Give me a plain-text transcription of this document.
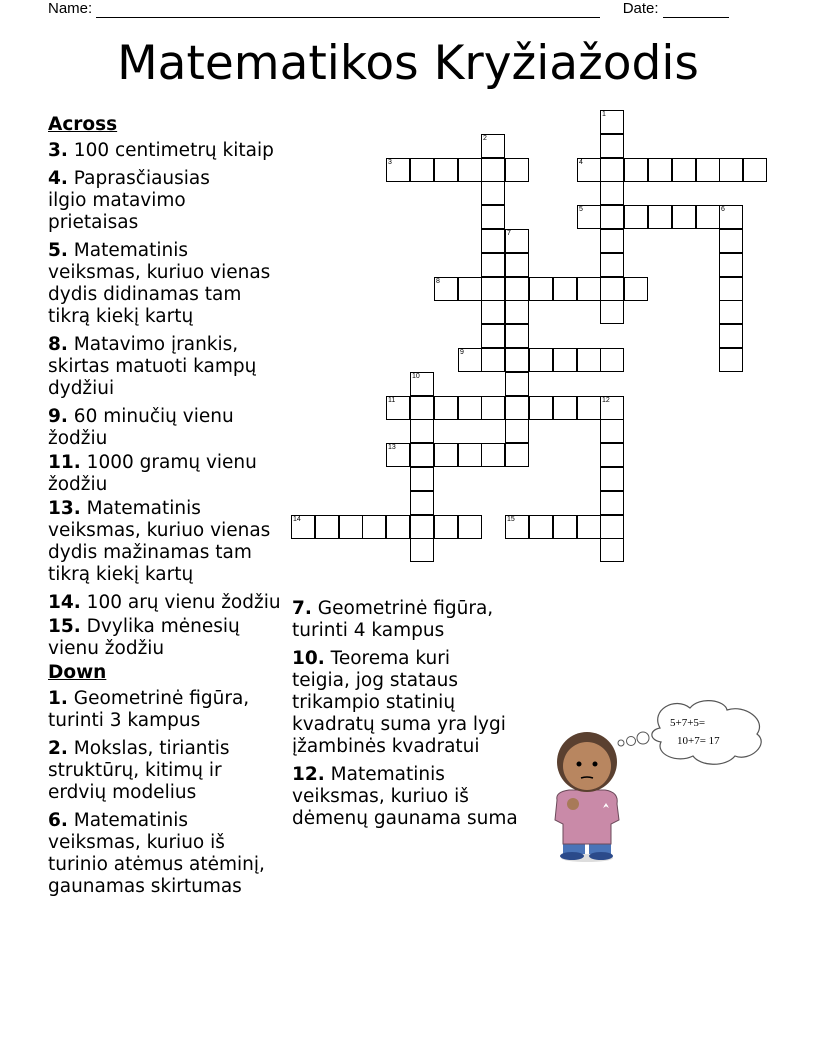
Name:	Date:
Matematikos Kryžiažodis
1
2
3	4
5	6
7
8
9
10
11	12
13
14	15
Across
3. 100 centimetrų kitaip
4. Paprasčiausias ilgio matavimo prietaisas
5. Matematinis veiksmas, kuriuo vienas dydis didinamas tam tikrą kiekį kartų
8. Matavimo įrankis, skirtas matuoti kampų dydžiui
9. 60 minučių vienu žodžiu
11. 1000 gramų vienu žodžiu
13. Matematinis veiksmas, kuriuo vienas dydis mažinamas tam tikrą kiekį kartų
14. 100 arų vienu žodžiu
15. Dvylika mėnesių vienu žodžiu
Down
1. Geometrinė figūra, turinti 3 kampus
2. Mokslas, tiriantis struktūrų, kitimų ir erdvių modelius
6. Matematinis veiksmas, kuriuo iš turinio atėmus atėminį, gaunamas skirtumas
7. Geometrinė figūra, turinti 4 kampus
10. Teorema kuri teigia, jog stataus trikampio statinių kvadratų suma yra lygi įžambinės kvadratui
12. Matematinis veiksmas, kuriuo iš dėmenų gaunama suma
5+7+5=
10+7= 17
